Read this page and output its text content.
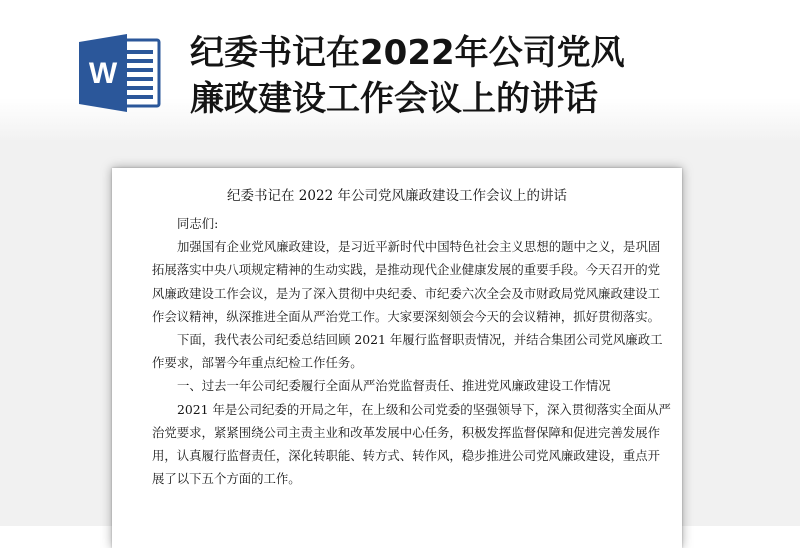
W
纪委书记在2022年公司党风廉政建设工作会议上的讲话

纪委书记在 2022 年公司党风廉政建设工作会议上的讲话

同志们:

加强国有企业党风廉政建设，是习近平新时代中国特色社会主义思想的题中之义，是巩固拓展落实中央八项规定精神的生动实践，是推动现代企业健康发展的重要手段。今天召开的党风廉政建设工作会议，是为了深入贯彻中央纪委、市纪委六次全会及市财政局党风廉政建设工作会议精神，纵深推进全面从严治党工作。大家要深刻领会今天的会议精神，抓好贯彻落实。

下面，我代表公司纪委总结回顾 2021 年履行监督职责情况，并结合集团公司党风廉政工作要求，部署今年重点纪检工作任务。

一、过去一年公司纪委履行全面从严治党监督责任、推进党风廉政建设工作情况

2021 年是公司纪委的开局之年，在上级和公司党委的坚强领导下，深入贯彻落实全面从严治党要求，紧紧围绕公司主责主业和改革发展中心任务，积极发挥监督保障和促进完善发展作用，认真履行监督责任，深化转职能、转方式、转作风，稳步推进公司党风廉政建设，重点开展了以下五个方面的工作。
